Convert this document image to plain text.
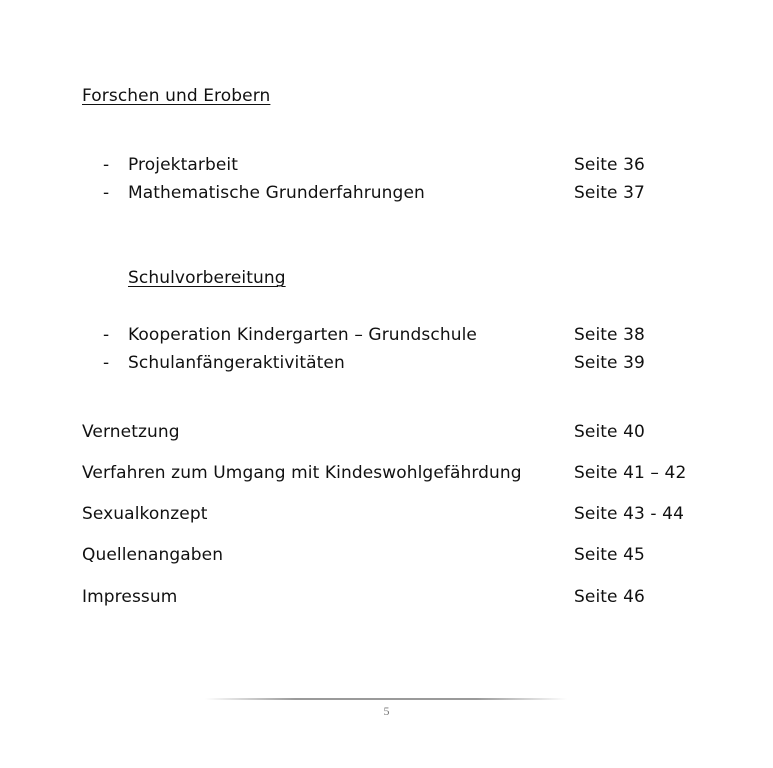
Forschen und Erobern
- Projektarbeit	Seite 36
- Mathematische Grunderfahrungen	Seite 37
Schulvorbereitung
- Kooperation Kindergarten – Grundschule	Seite 38
- Schulanfängeraktivitäten	Seite 39
Vernetzung	Seite 40
Verfahren zum Umgang mit Kindeswohlgefährdung	Seite 41 – 42
Sexualkonzept	Seite 43 - 44
Quellenangaben	Seite 45
Impressum	Seite 46
5
